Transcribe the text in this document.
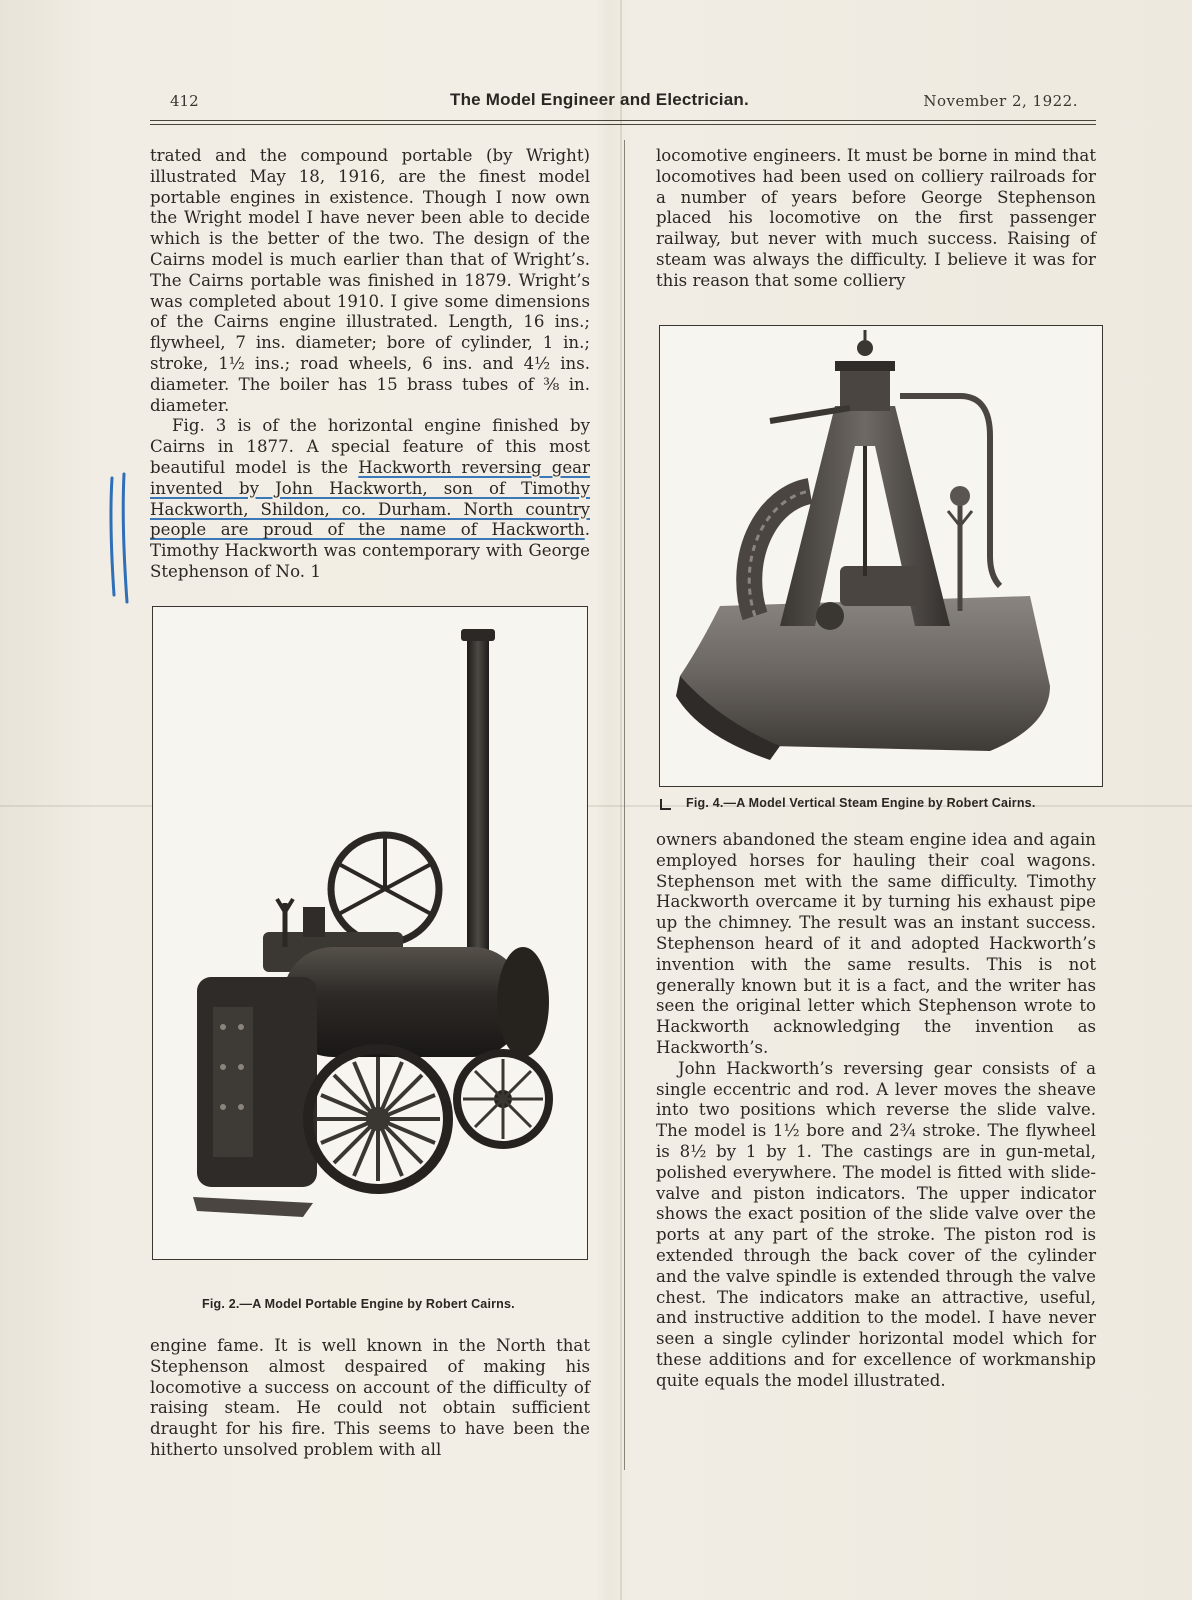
412	The Model Engineer and Electrician.	November 2, 1922.

trated and the compound portable (by Wright) illustrated May 18, 1916, are the finest model portable engines in existence. Though I now own the Wright model I have never been able to decide which is the better of the two. The design of the Cairns model is much earlier than that of Wright’s. The Cairns portable was finished in 1879. Wright’s was completed about 1910. I give some dimensions of the Cairns engine illustrated. Length, 16 ins.; flywheel, 7 ins. diameter; bore of cylinder, 1 in.; stroke, 1½ ins.; road wheels, 6 ins. and 4½ ins. diameter. The boiler has 15 brass tubes of ⅜ in. diameter.

Fig. 3 is of the horizontal engine finished by Cairns in 1877. A special feature of this most beautiful model is the Hackworth reversing gear invented by John Hackworth, son of Timothy Hackworth, Shildon, co. Durham. North country people are proud of the name of Hackworth. Timothy Hackworth was contemporary with George Stephenson of No. 1

Fig. 2.—A Model Portable Engine by Robert Cairns.

engine fame. It is well known in the North that Stephenson almost despaired of making his locomotive a success on account of the difficulty of raising steam. He could not obtain sufficient draught for his fire. This seems to have been the hitherto unsolved problem with all

locomotive engineers. It must be borne in mind that locomotives had been used on colliery railroads for a number of years before George Stephenson placed his locomotive on the first passenger railway, but never with much success. Raising of steam was always the difficulty. I believe it was for this reason that some colliery

Fig. 4.—A Model Vertical Steam Engine by Robert Cairns.

owners abandoned the steam engine idea and again employed horses for hauling their coal wagons. Stephenson met with the same difficulty. Timothy Hackworth overcame it by turning his exhaust pipe up the chimney. The result was an instant success. Stephenson heard of it and adopted Hackworth’s invention with the same results. This is not generally known but it is a fact, and the writer has seen the original letter which Stephenson wrote to Hackworth acknowledging the invention as Hackworth’s.

John Hackworth’s reversing gear consists of a single eccentric and rod. A lever moves the sheave into two positions which reverse the slide valve. The model is 1½ bore and 2¾ stroke. The flywheel is 8½ by 1 by 1. The castings are in gun-metal, polished everywhere. The model is fitted with slide-valve and piston indicators. The upper indicator shows the exact position of the slide valve over the ports at any part of the stroke. The piston rod is extended through the back cover of the cylinder and the valve spindle is extended through the valve chest. The indicators make an attractive, useful, and instructive addition to the model. I have never seen a single cylinder horizontal model which for these additions and for excellence of workmanship quite equals the model illustrated.
